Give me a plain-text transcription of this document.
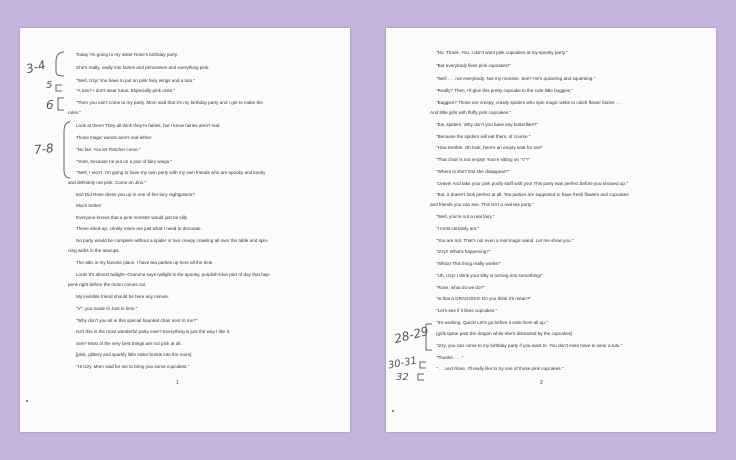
Today I'm going to my sister Rose's birthday party.
She's really, really into fairies and princesses and everything pink.
"Well, Izzy! You have to put on pink fairy wings and a tutu."
"A tutu? I don't wear tutus. Especially pink ones."
"Then you can't come to my party. Mom said that it's my birthday party and I get to make the
rules."
Look at them! They all think they're fairies, but I know fairies aren't real.
Those magic wands aren't real either.
"No fair. You let Fletcher come."
"Yeah, because he put on a pair of fairy wings."
"Well, I won't. I'm going to have my own party with my own friends who are spooky and kooky
and definitely not pink. Come on Jinx."
Ew! Did Rose dress you up in one of her lacy nightgowns?
Much better!
Everyone knows that a pink monster would just be silly.
These dried-up, crinkly roses are just what I need to decorate.
No party would be complete without a spider or two creepy crawling all over the table and spin-
ning webs in the teacups.
The attic is my favorite place. I have tea parties up here all the time.
Look! It's almost twilight--Gramma says twilight is the spooky, purplish-blue part of day that hap-
pens right before the moon comes out.
My invisible friend should be here any minute.
"V", you made it! Just in time."
"Why don't you sit in this special haunted chair next to me?"
Isn't this is the most wonderful party ever? Everything is just the way I like it.
See? Most of the very best things are not pink at all.
[pink, glittery and sparkly little sister bursts into the room]
"Hi Izzy. Mom said for me to bring you some cupcakes."
3-4
5
6
7-8
1
"No. Thank. You. I don't want pink cupcakes at my spooky party."
"But everybody likes pink cupcakes!"
"Well . . . not everybody. Not my monster. See? He's quivering and squirming."
"Really? Then, I'll give this pretty cupcake to the cute little buggies."
"Buggies? Those are creepy, crawly spiders who spin magic webs to catch flower fairies . . .
And little girls with fluffy pink cupcakes."
"Ew, spiders. Why don't you have any butterflies?"
"Because the spiders will eat them, of course."
"How terrible. Oh look, here's an empty seat for me!"
"That chair is not empty! You're sitting on "V"!"
"Where is she? Did she disappear?"
"Leave! And take your pink poofy stuff with you! This party was perfect before you showed up."
"But, it doesn't look perfect at all. Tea parties are supposed to have fresh flowers and cupcakes
and friends you can see. This isn't a real tea party."
"Well, you're not a real fairy."
"I most certainly am."
"You are not. That's not even a real magic wand. Let me show you."
"Izzy!! What's happening?"
"Whoa! This thing really works!"
"Uh, Izzy! I think your kitty is turning into something!"
"Rose, what do we do?"
"Is that a DRAGON!!!! Do you think it's mean?"
"Let's see if it likes cupcakes."
"It's working. Quick! Let's go before it eats them all up."
(girls tiptoe past the dragon while she's distracted by the cupcakes)
"Izzy, you can come to my birthday party if you want to. You don't even have to wear a tutu."
"Thanks . . . "
" . . .and Rose, I'll really like to try one of those pink cupcakes."
28-29
30-31
32	2
